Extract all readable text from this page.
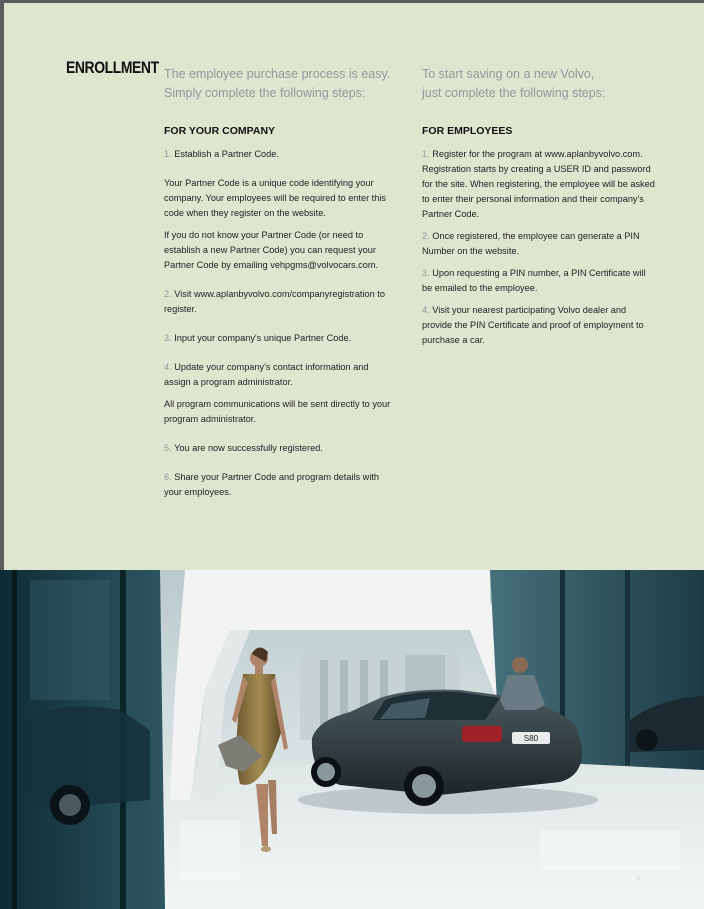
ENROLLMENT The employee purchase process is easy.
Simply complete the following steps:
To start saving on a new Volvo,
just complete the following steps:
FOR YOUR COMPANY	FOR EMPLOYEES

1. Establish a Partner Code.

Your Partner Code is a unique code identifying your company. Your employees will be required to enter this code when they register on the website.

If you do not know your Partner Code (or need to establish a new Partner Code) you can request your Partner Code by emailing vehpgms@volvocars.com.

2. Visit www.aplanbyvolvo.com/companyregistration to register.

3. Input your company's unique Partner Code.

4. Update your company's contact information and assign a program administrator.

All program communications will be sent directly to your program administrator.

5. You are now successfully registered.

6. Share your Partner Code and program details with your employees.

1. Register for the program at www.aplanbyvolvo.com. Registration starts by creating a USER ID and password for the site. When registering, the employee will be asked to enter their personal information and their company's Partner Code.

2. Once registered, the employee can generate a PIN Number on the website.

3. Upon requesting a PIN number, a PIN Certificate will be emailed to the employee.

4. Visit your nearest participating Volvo dealer and provide the PIN Certificate and proof of employment to purchase a car.

S80
4
